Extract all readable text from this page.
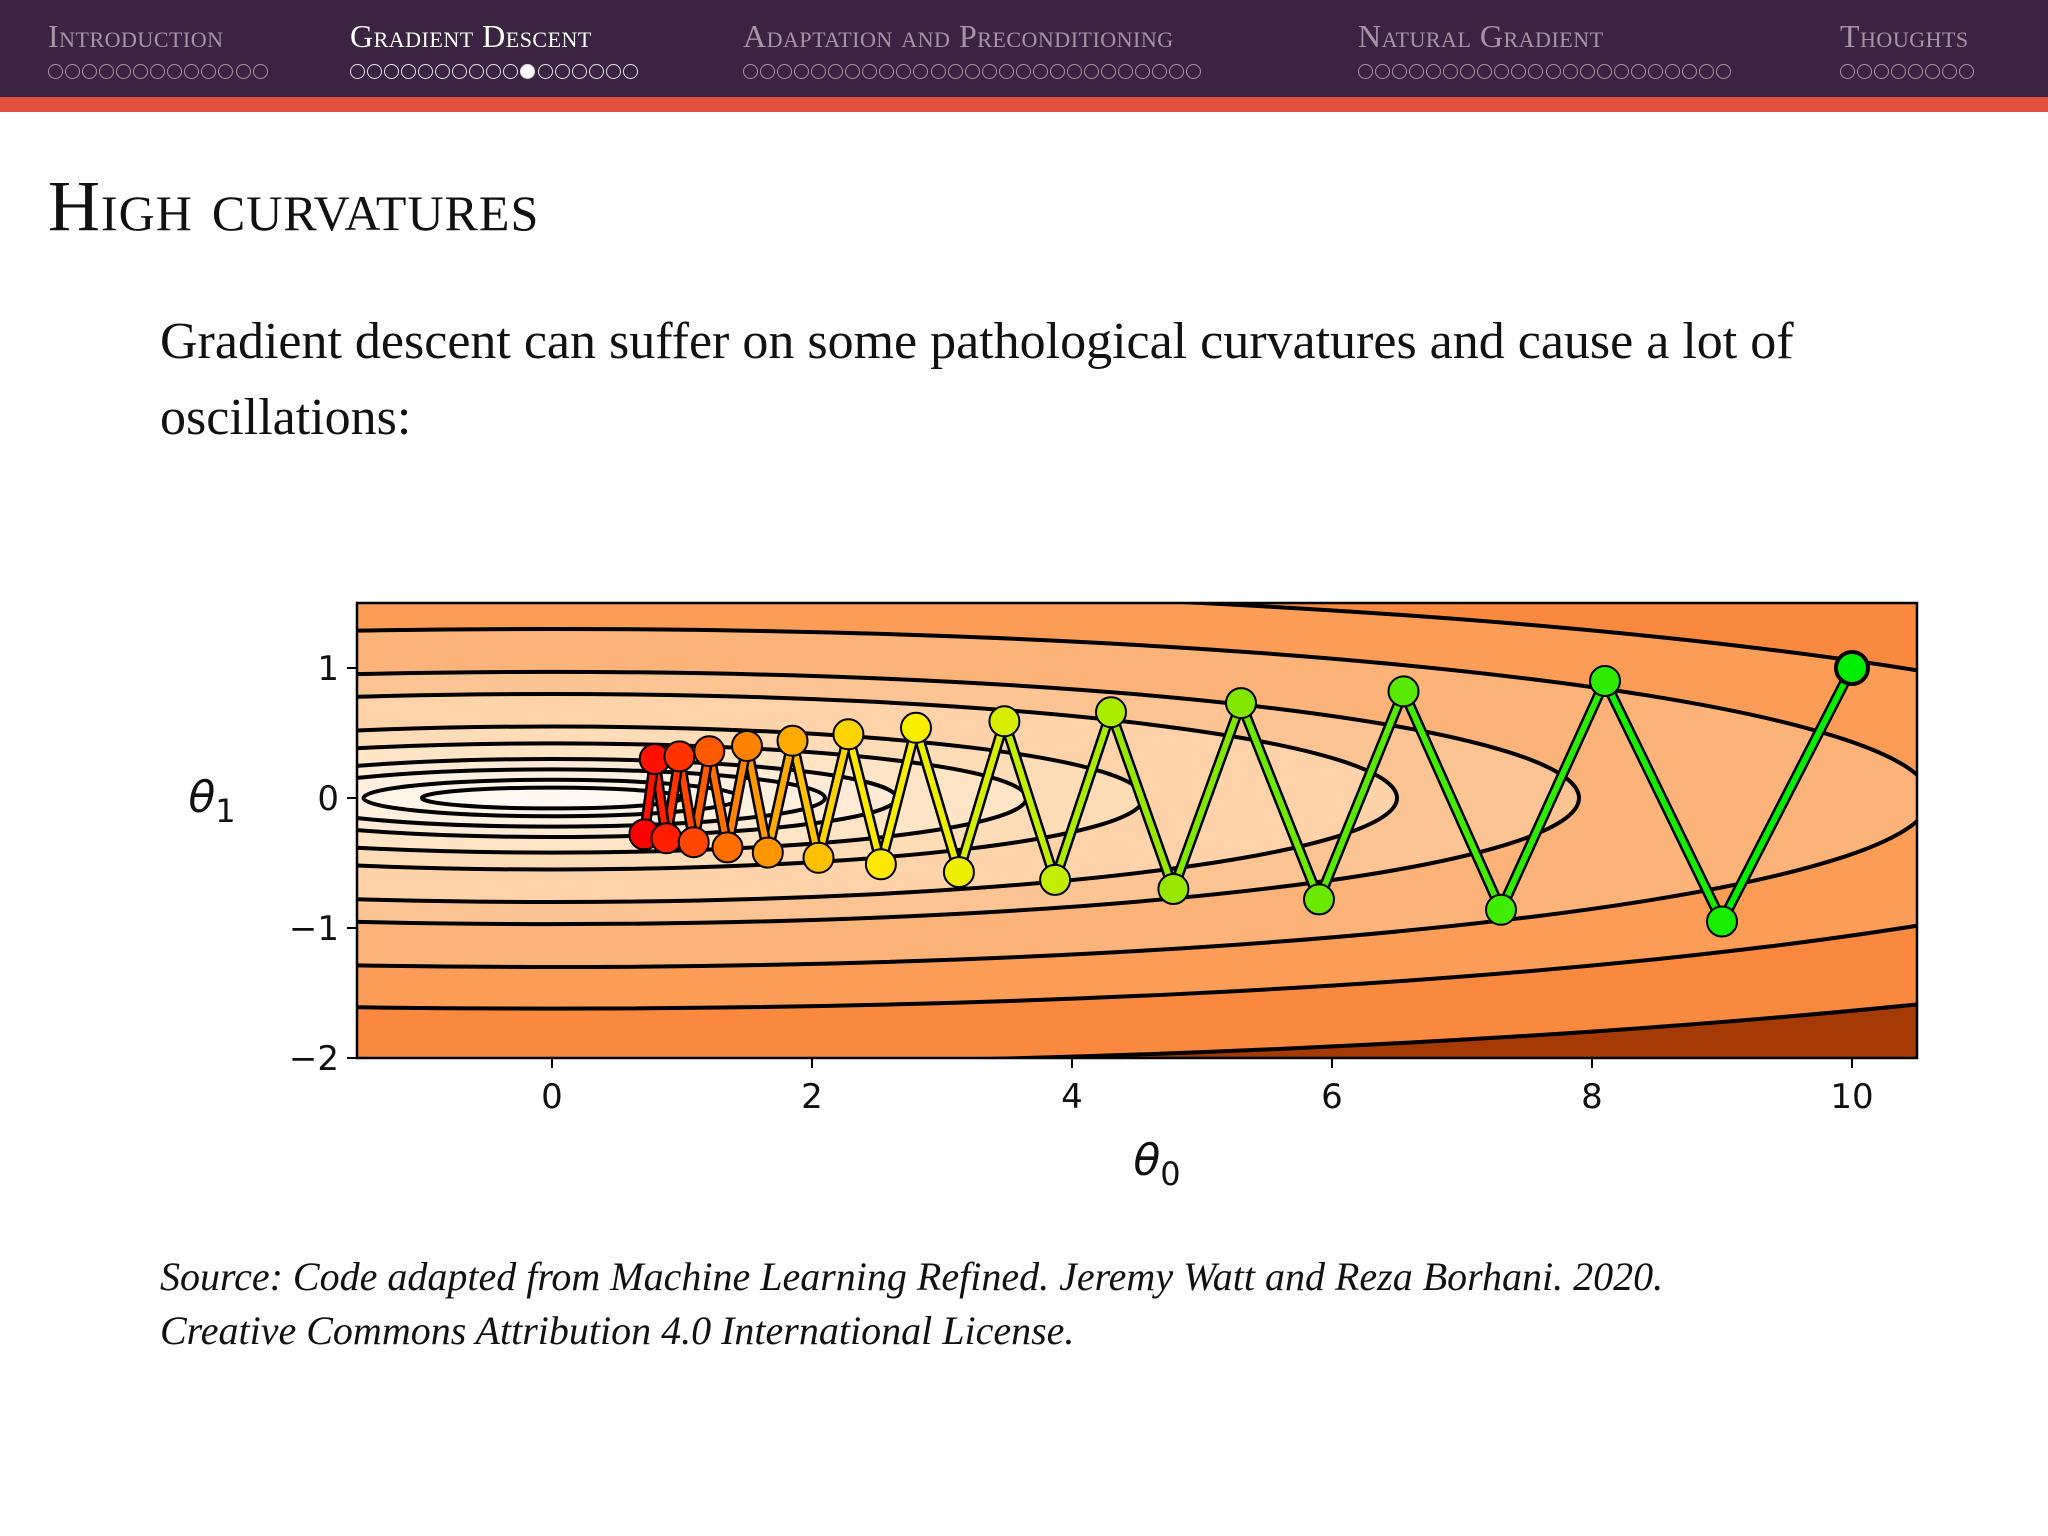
Introduction	Gradient Descent	Adaptation and Preconditioning	Natural Gradient	Thoughts
High curvatures

Gradient descent can suffer on some pathological curvatures and cause a lot of oscillations:

0	2	4	6	8	10
1
0
−1
−2
$\theta_0$
$\theta_1$

Source: Code adapted from Machine Learning Refined. Jeremy Watt and Reza Borhani. 2020.
Creative Commons Attribution 4.0 International License.
